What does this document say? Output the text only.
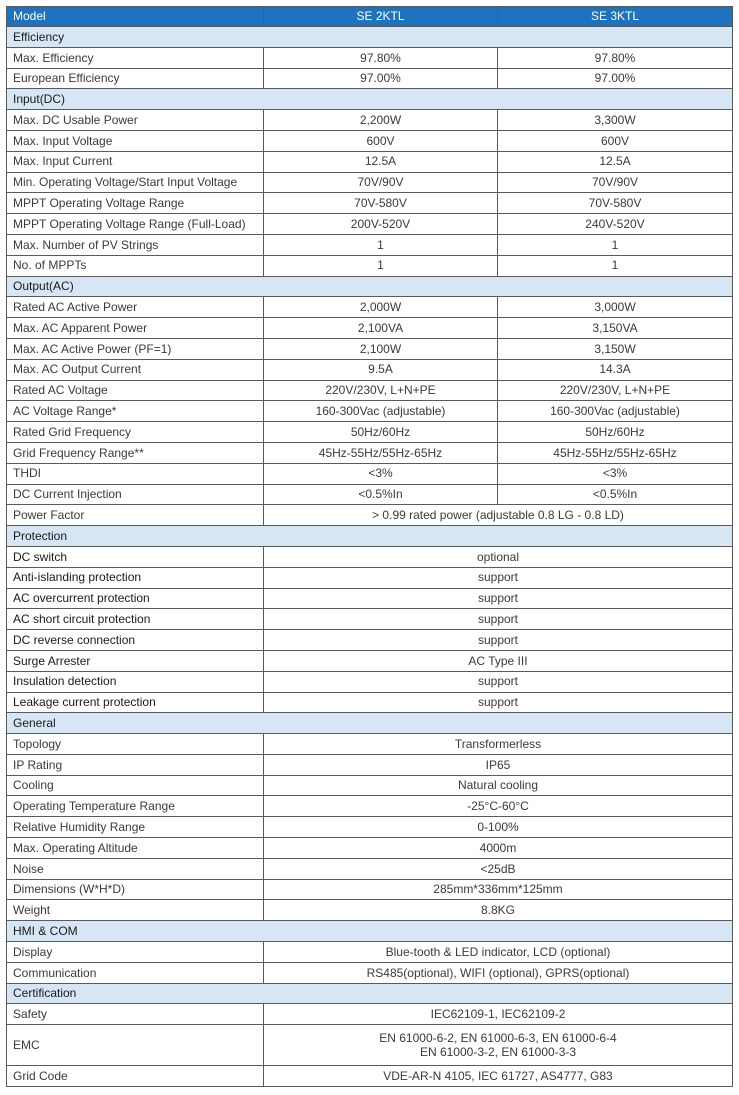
Model	SE 2KTL	SE 3KTL
Efficiency		
Max. Efficiency	97.80%	97.80%
European Efficiency	97.00%	97.00%
Input(DC)		
Max. DC Usable Power	2,200W	3,300W
Max. Input Voltage	600V	600V
Max. Input Current	12.5A	12.5A
Min. Operating Voltage/Start Input Voltage	70V/90V	70V/90V
MPPT Operating Voltage Range	70V-580V	70V-580V
MPPT Operating Voltage Range (Full-Load)	200V-520V	240V-520V
Max. Number of PV Strings	1	1
No. of MPPTs	1	1
Output(AC)		
Rated AC Active Power	2,000W	3,000W
Max. AC Apparent Power	2,100VA	3,150VA
Max. AC Active Power (PF=1)	2,100W	3,150W
Max. AC Output Current	9.5A	14.3A
Rated AC Voltage	220V/230V, L+N+PE	220V/230V, L+N+PE
AC Voltage Range*	160-300Vac (adjustable)	160-300Vac (adjustable)
Rated Grid Frequency	50Hz/60Hz	50Hz/60Hz
Grid Frequency Range**	45Hz-55Hz/55Hz-65Hz	45Hz-55Hz/55Hz-65Hz
THDI	<3%	<3%
DC Current Injection	<0.5%In	<0.5%In
Power Factor	> 0.99 rated power (adjustable 0.8 LG - 0.8 LD)	
Protection		
DC switch	optional	
Anti-islanding protection	support	
AC overcurrent protection	support	
AC short circuit protection	support	
DC reverse connection	support	
Surge Arrester	AC Type III	
Insulation detection	support	
Leakage current protection	support	
General		
Topology	Transformerless	
IP Rating	IP65	
Cooling	Natural cooling	
Operating Temperature Range	-25°C-60°C	
Relative Humidity Range	0-100%	
Max. Operating Altitude	4000m	
Noise	<25dB	
Dimensions (W*H*D)	285mm*336mm*125mm	
Weight	8.8KG	
HMI & COM		
Display	Blue-tooth & LED indicator, LCD (optional)	
Communication	RS485(optional), WIFI (optional), GPRS(optional)	
Certification		
Safety	IEC62109-1, IEC62109-2	
EMC	EN 61000-6-2, EN 61000-6-3, EN 61000-6-4
EN 61000-3-2, EN 61000-3-3	

Grid Code	VDE-AR-N 4105, IEC 61727, AS4777, G83	
